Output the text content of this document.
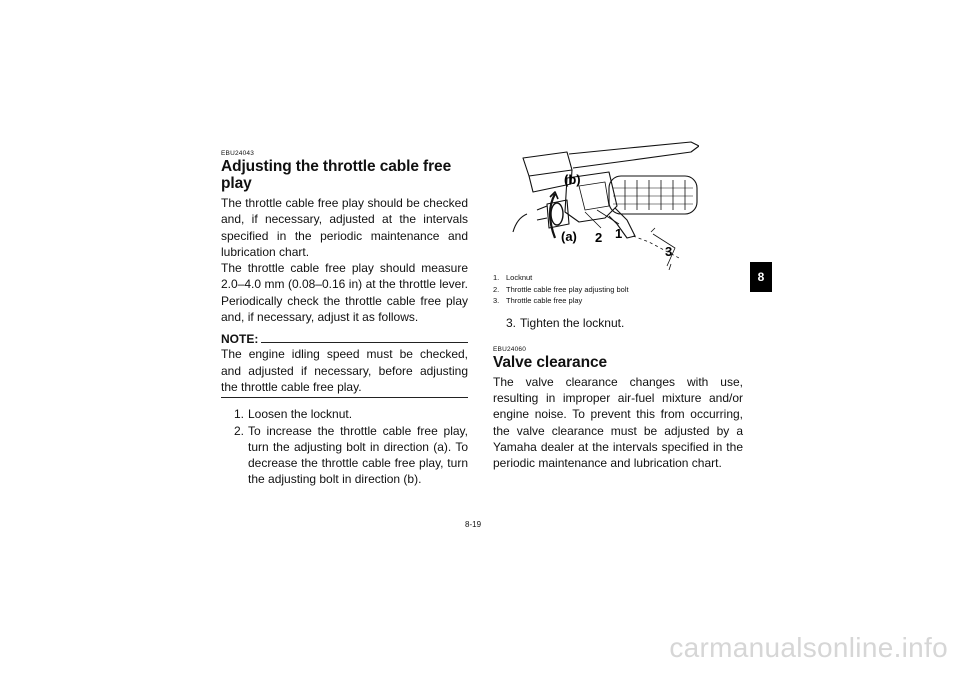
EBU24043

Adjusting the throttle cable free play

The throttle cable free play should be checked and, if necessary, adjusted at the intervals specified in the periodic maintenance and lubrication chart.

The throttle cable free play should measure 2.0–4.0 mm (0.08–0.16 in) at the throttle lever. Periodically check the throttle cable free play and, if necessary, adjust it as follows.

NOTE:

The engine idling speed must be checked, and adjusted if necessary, before adjusting the throttle cable free play.

1. Loosen the locknut.
2. To increase the throttle cable free play, turn the adjusting bolt in direction (a). To decrease the throttle cable free play, turn the adjusting bolt in direction (b).
(b)
(a) 2 1
3
1. Locknut
2. Throttle cable free play adjusting bolt
3. Throttle cable free play
3. Tighten the locknut.

EBU24060

Valve clearance

The valve clearance changes with use, resulting in improper air-fuel mixture and/or engine noise. To prevent this from occurring, the valve clearance must be adjusted by a Yamaha dealer at the intervals specified in the periodic maintenance and lubrication chart.

8
8-19
carmanualsonline.info
